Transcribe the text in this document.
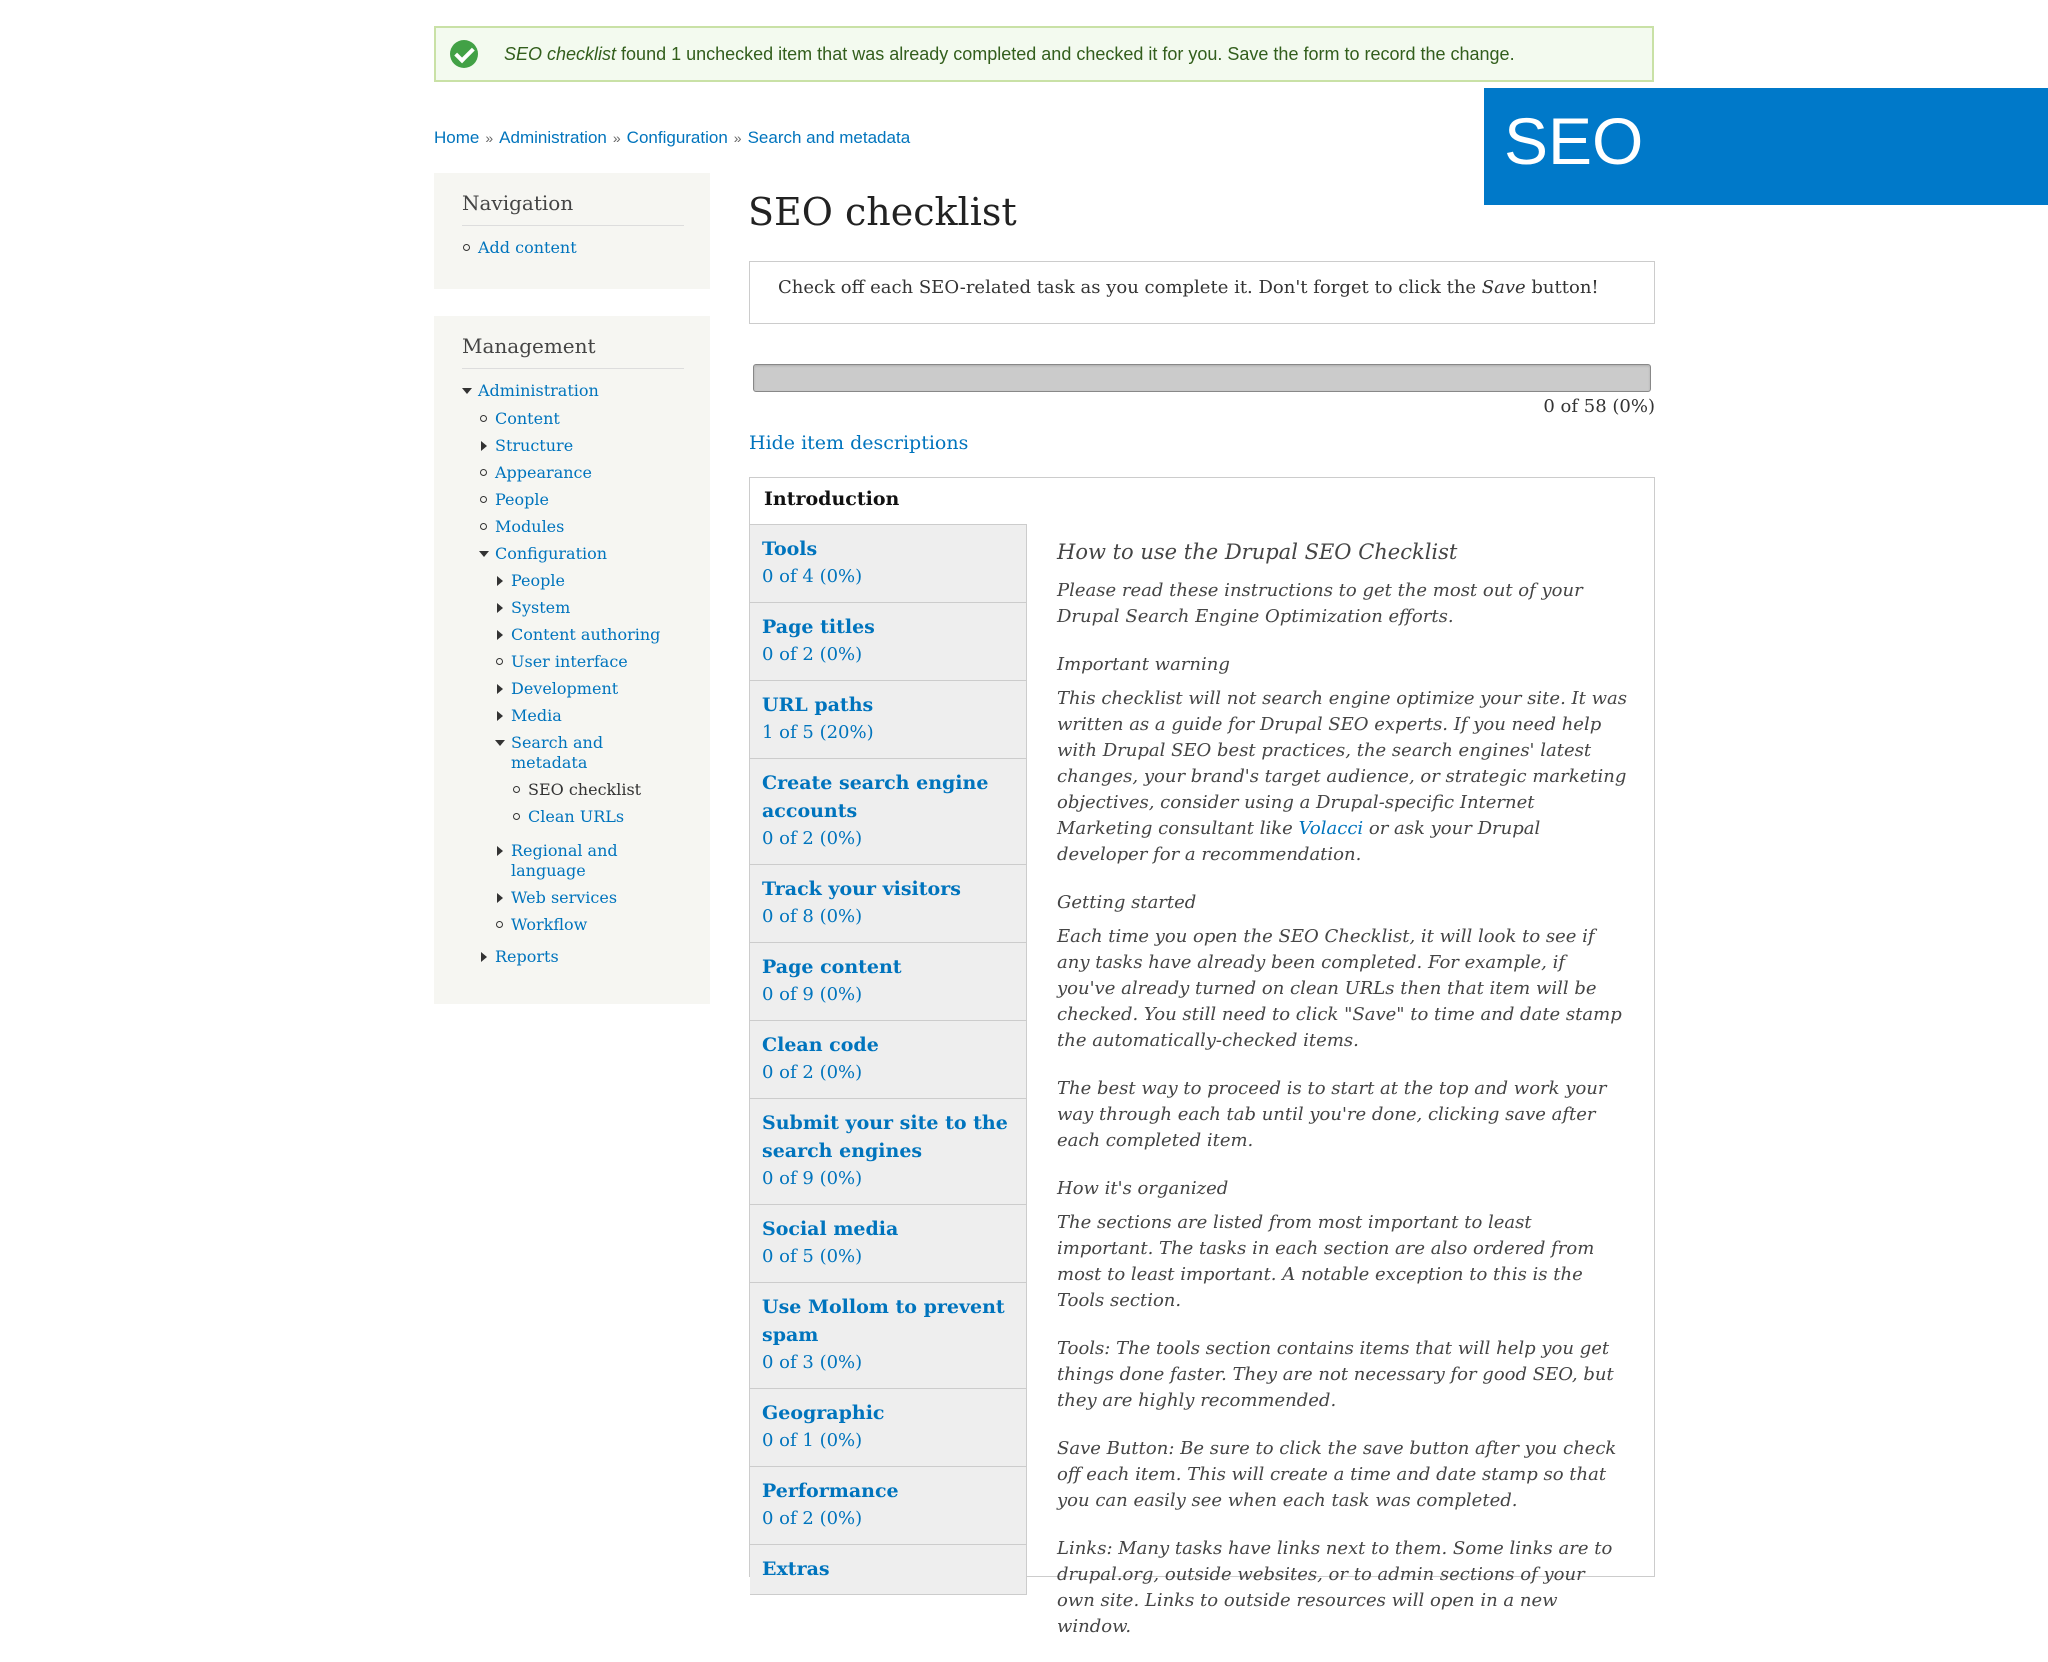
SEO checklist found 1 unchecked item that was already completed and checked it for you. Save the form to record the change.
SEO
Home » Administration » Configuration » Search and metadata
Navigation
Add content
Management
Administration
Content
Structure
Appearance
People
Modules
Configuration
People
System
Content authoring
User interface
Development
Media
Search and
metadata
SEO checklist
Clean URLs
Regional and
language
Web services
Workflow
Reports
SEO checklist
Check off each SEO-related task as you complete it. Don't forget to click the Save button!
0 of 58 (0%)
Hide item descriptions
Introduction
Tools
0 of 4 (0%)
Page titles
0 of 2 (0%)
URL paths
1 of 5 (20%)
Create search engine accounts
0 of 2 (0%)
Track your visitors
0 of 8 (0%)
Page content
0 of 9 (0%)
Clean code
0 of 2 (0%)
Submit your site to the search engines
0 of 9 (0%)
Social media
0 of 5 (0%)
Use Mollom to prevent spam
0 of 3 (0%)
Geographic
0 of 1 (0%)
Performance
0 of 2 (0%)
Extras
How to use the Drupal SEO Checklist

Please read these instructions to get the most out of your Drupal Search Engine Optimization efforts.

Important warning

This checklist will not search engine optimize your site. It was written as a guide for Drupal SEO experts. If you need help with Drupal SEO best practices, the search engines' latest changes, your brand's target audience, or strategic marketing objectives, consider using a Drupal-specific Internet Marketing consultant like Volacci or ask your Drupal developer for a recommendation.

Getting started

Each time you open the SEO Checklist, it will look to see if any tasks have already been completed. For example, if you've already turned on clean URLs then that item will be checked. You still need to click "Save" to time and date stamp the automatically-checked items.

The best way to proceed is to start at the top and work your way through each tab until you're done, clicking save after each completed item.

How it's organized

The sections are listed from most important to least important. The tasks in each section are also ordered from most to least important. A notable exception to this is the Tools section.

Tools: The tools section contains items that will help you get things done faster. They are not necessary for good SEO, but they are highly recommended.

Save Button: Be sure to click the save button after you check off each item. This will create a time and date stamp so that you can easily see when each task was completed.

Links: Many tasks have links next to them. Some links are to drupal.org, outside websites, or to admin sections of your own site. Links to outside resources will open in a new window.
